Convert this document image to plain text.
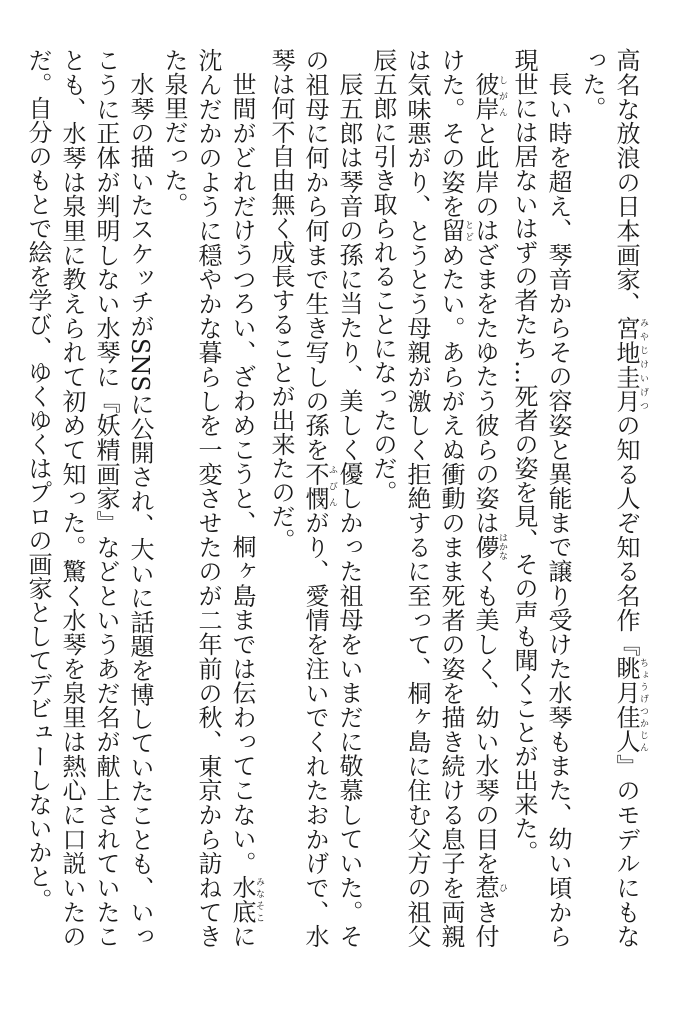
高名な放浪の日本画家、宮地圭月みやじけいげつの知る人ぞ知る名作『眺月佳人ちょうげつかじん』のモデルにもなった。

長い時を超え、琴音からその容姿と異能まで譲り受けた水琴もまた、幼い頃から現世には居ないはずの者たち…死者の姿を見、その声も聞くことが出来た。

彼岸しがんと此岸のはざまをたゆたう彼らの姿は儚はかなくも美しく、幼い水琴の目を惹ひき付けた。その姿を留とどめたい。あらがえぬ衝動のまま死者の姿を描き続ける息子を両親は気味悪がり、とうとう母親が激しく拒絶するに至って、桐ヶ島に住む父方の祖父辰五郎に引き取られることになったのだ。

辰五郎は琴音の孫に当たり、美しく優しかった祖母をいまだに敬慕していた。その祖母に何から何まで生き写しの孫を不憫ふびんがり、愛情を注いでくれたおかげで、水琴は何不自由無く成長することが出来たのだ。

世間がどれだけうつろい、ざわめこうと、桐ヶ島までは伝わってこない。水底みなそこに沈んだかのように穏やかな暮らしを一変させたのが二年前の秋、東京から訪ねてきた泉里だった。

水琴の描いたスケッチがSNSに公開され、大いに話題を博していたことも、いっこうに正体が判明しない水琴に『妖精画家』などというあだ名が献上されていたことも、水琴は泉里に教えられて初めて知った。驚く水琴を泉里は熱心に口説いたのだ。自分のもとで絵を学び、ゆくゆくはプロの画家としてデビューしないかと。
